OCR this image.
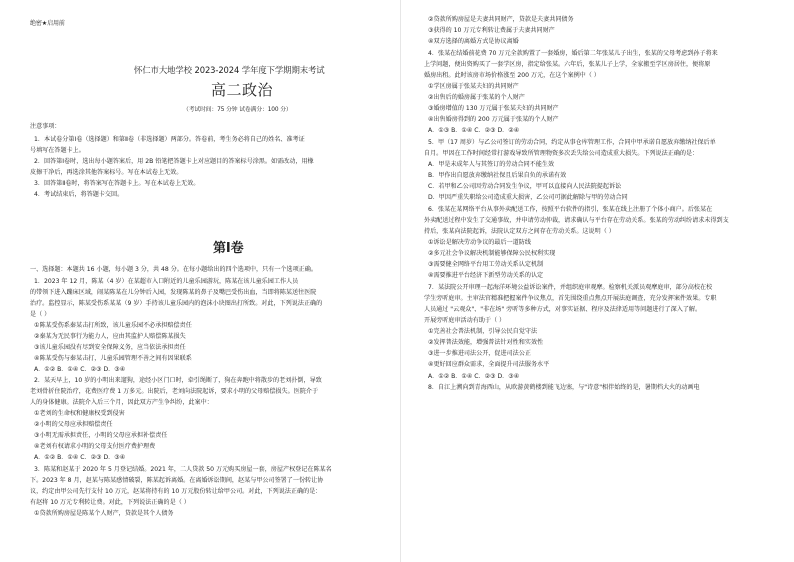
绝密★启用前
怀仁市大地学校 2023-2024 学年度下学期期末考试
高二政治
（考试时间：75 分钟 试卷满分：100 分）
注意事项：
1．本试卷分第Ⅰ卷（选择题）和第Ⅱ卷（非选择题）两部分。答卷前，考生务必将自己的姓名、准考证
号填写在答题卡上。
2．回答第Ⅰ卷时，选出每小题答案后，用 2B 铅笔把答题卡上对应题目的答案标号涂黑。如需改动，用橡
皮擦干净后，再选涂其他答案标号。写在本试卷上无效。
3．回答第Ⅱ卷时，将答案写在答题卡上。写在本试卷上无效。
4．考试结束后，将答题卡交回。
第Ⅰ卷
一、选择题：本题共 16 小题，每小题 3 分，共 48 分。在每小题给出的四个选项中，只有一个选项正确。
1．2023 年 12 月，陈某（4 岁）在某超市入口附近的儿童乐园游玩，陈某在该儿童乐园工作人员
的带领下进入蹦床区域，闹某陈某在儿分钟后入园，发现陈某的鼻子及嘴巴受伤出血，当即将陈某送往医院
治疗。监控显示，陈某受伤系某某（9 岁）手持该儿童乐园内的泡沫小块图出打所致。对此，下列说法正确的
是（ ）
①陈某受伤系秦某击打所致，该儿童乐园不必承担赔偿责任
②秦某为无民事行为能力人，应由其监护人赔偿陈某损失
③该儿童乐园没有尽到安全保障义务，应当依法承担责任
④陈某受伤与秦某击打，儿童乐园管理不善之间有因果联系
A．①② B．①④ C．②③ D．③④
2．某天早上，10 岁的小明出来遛狗，途经小区门口时，牵引绳断了，狗在奔跑中将散步的老刘扑倒，导致
老刘骨折住院治疗，花费医疗费 1 万多元。出院后，老刘向法院起诉，要求小明的父母赔偿损失。医院介于
人的身体健康。法院介入后三个月，因此双方产生争纠纷，此案中：
①老刘的生命权和健康权受到侵害
②小明的父母应承担赔偿责任
③小明无需承担责任，小明的父母应承担补偿责任
④老刘有权请求小明的父母支付医疗费护理费
A．①② B．①④ C．②③ D．③④
3．陈某和赵某于 2020 年 5 月登记结婚。2021 年，二人贷款 50 万元购买房屋一套，房屋产权登记在陈某名
下。2023 年 8 月，赵某与陈某感情破裂，陈某起诉离婚。在离婚诉讼期间，赵某与甲公司签署了一份转让协
议，约定由甲公司先行支付 10 万元，赵某将持有的 10 万元股份转让给甲公司。对此，下列说法正确的是：
有赵将 10 万元专利转让费。对此，下列说法正确的是（ ）
①贷款所购房屋是陈某个人财产，贷款是其个人债务
②贷款所购房屋是夫妻共同财产，贷款是夫妻共同债务
③获得的 10 万元专利转让费属于夫妻共同财产
④双方选择的离婚方式是协议离婚
4．张某在结婚前花费 70 万元全款购置了一套婚房，婚后第二年张某儿子出生，张某的父母考虑到孙子将来
上学问题，便出资购买了一套学区房，指定给张某。六年后，张某儿子上学，全家搬至学区房居住，便将原
婚房出租。此时该房市场价格涨至 200 万元，在这个案例中（ ）
①学区房属于张某夫妇的共同财产
②出售后的婚房属于张某的个人财产
③婚房增值的 130 万元属于张某夫妇的共同财产
④出售婚房得到的 200 万元属于张某的个人财产
A．①③ B．①④ C．②③ D．②④
5．甲（17 周岁）与乙公司签订的劳动合同，约定从事仓库管理工作，合同中甲承诺自愿放弃缴纳社保后单
自月。甲因在工作时间经常打游戏导致所管理物资多次丢失给公司造成重大损失。下列说法正确的是：
A．甲是未成年人与其签订的劳动合同不能生效
B．甲作出自愿放弃缴纳社保且后果自负的承诺有效
C．若甲和乙公司因劳动合同发生争议，甲可以直接向人民法院提起诉讼
D．甲因严重失职给公司造成重大损害，乙公司可据此解除与甲的劳动合同
6．张某在某网络平台从事外卖配送工作，按照平台软件的指引，张某在线上注册了个体小商户。后张某在
外卖配送过程中发生了交通事故，并申请劳动仲裁，请求确认与平台存在劳动关系。张某的劳动纠纷请求未得到支
持后，张某向法院起诉，法院认定双方之间存在劳动关系。这说明（ ）
①诉讼是解决劳动争议的最后一道防线
②多元社会争议解决机制能够保障公民权利实现
③需要健全网络平台用工劳动关系认定机制
④需要推进平台经济下新型劳动关系的认定
7．某法院公开审理一起海洋环境公益诉讼案件，并组织庭审观摩。检察机关派员观摩庭审，部分高校在校
学生旁听庭审。主审法官精准把握案件争议焦点，首先围绕重点焦点开展法庭调查，充分发挥案件效果。专职
人员通过 "云观众"、"非在场" 旁听等多种方式，对事实证据、程序及法律适用等问题进行了深入了解。
开展旁听庭审活动有助于（ ）
①完善社会普法机制，引导公民自觉守法
②发挥普法效能，增强普法针对性和实效性
③进一步推进司法公开，促进司法公正
④更好回应群众需求，全面提升司法服务水平
A．①② B．①④ C．②③ D．③④
8．自江上溯向到青海西山，从欧游黄鹤楼到能飞边塞，与"诗意"相伴始终的是，暑期档大火的动画电
